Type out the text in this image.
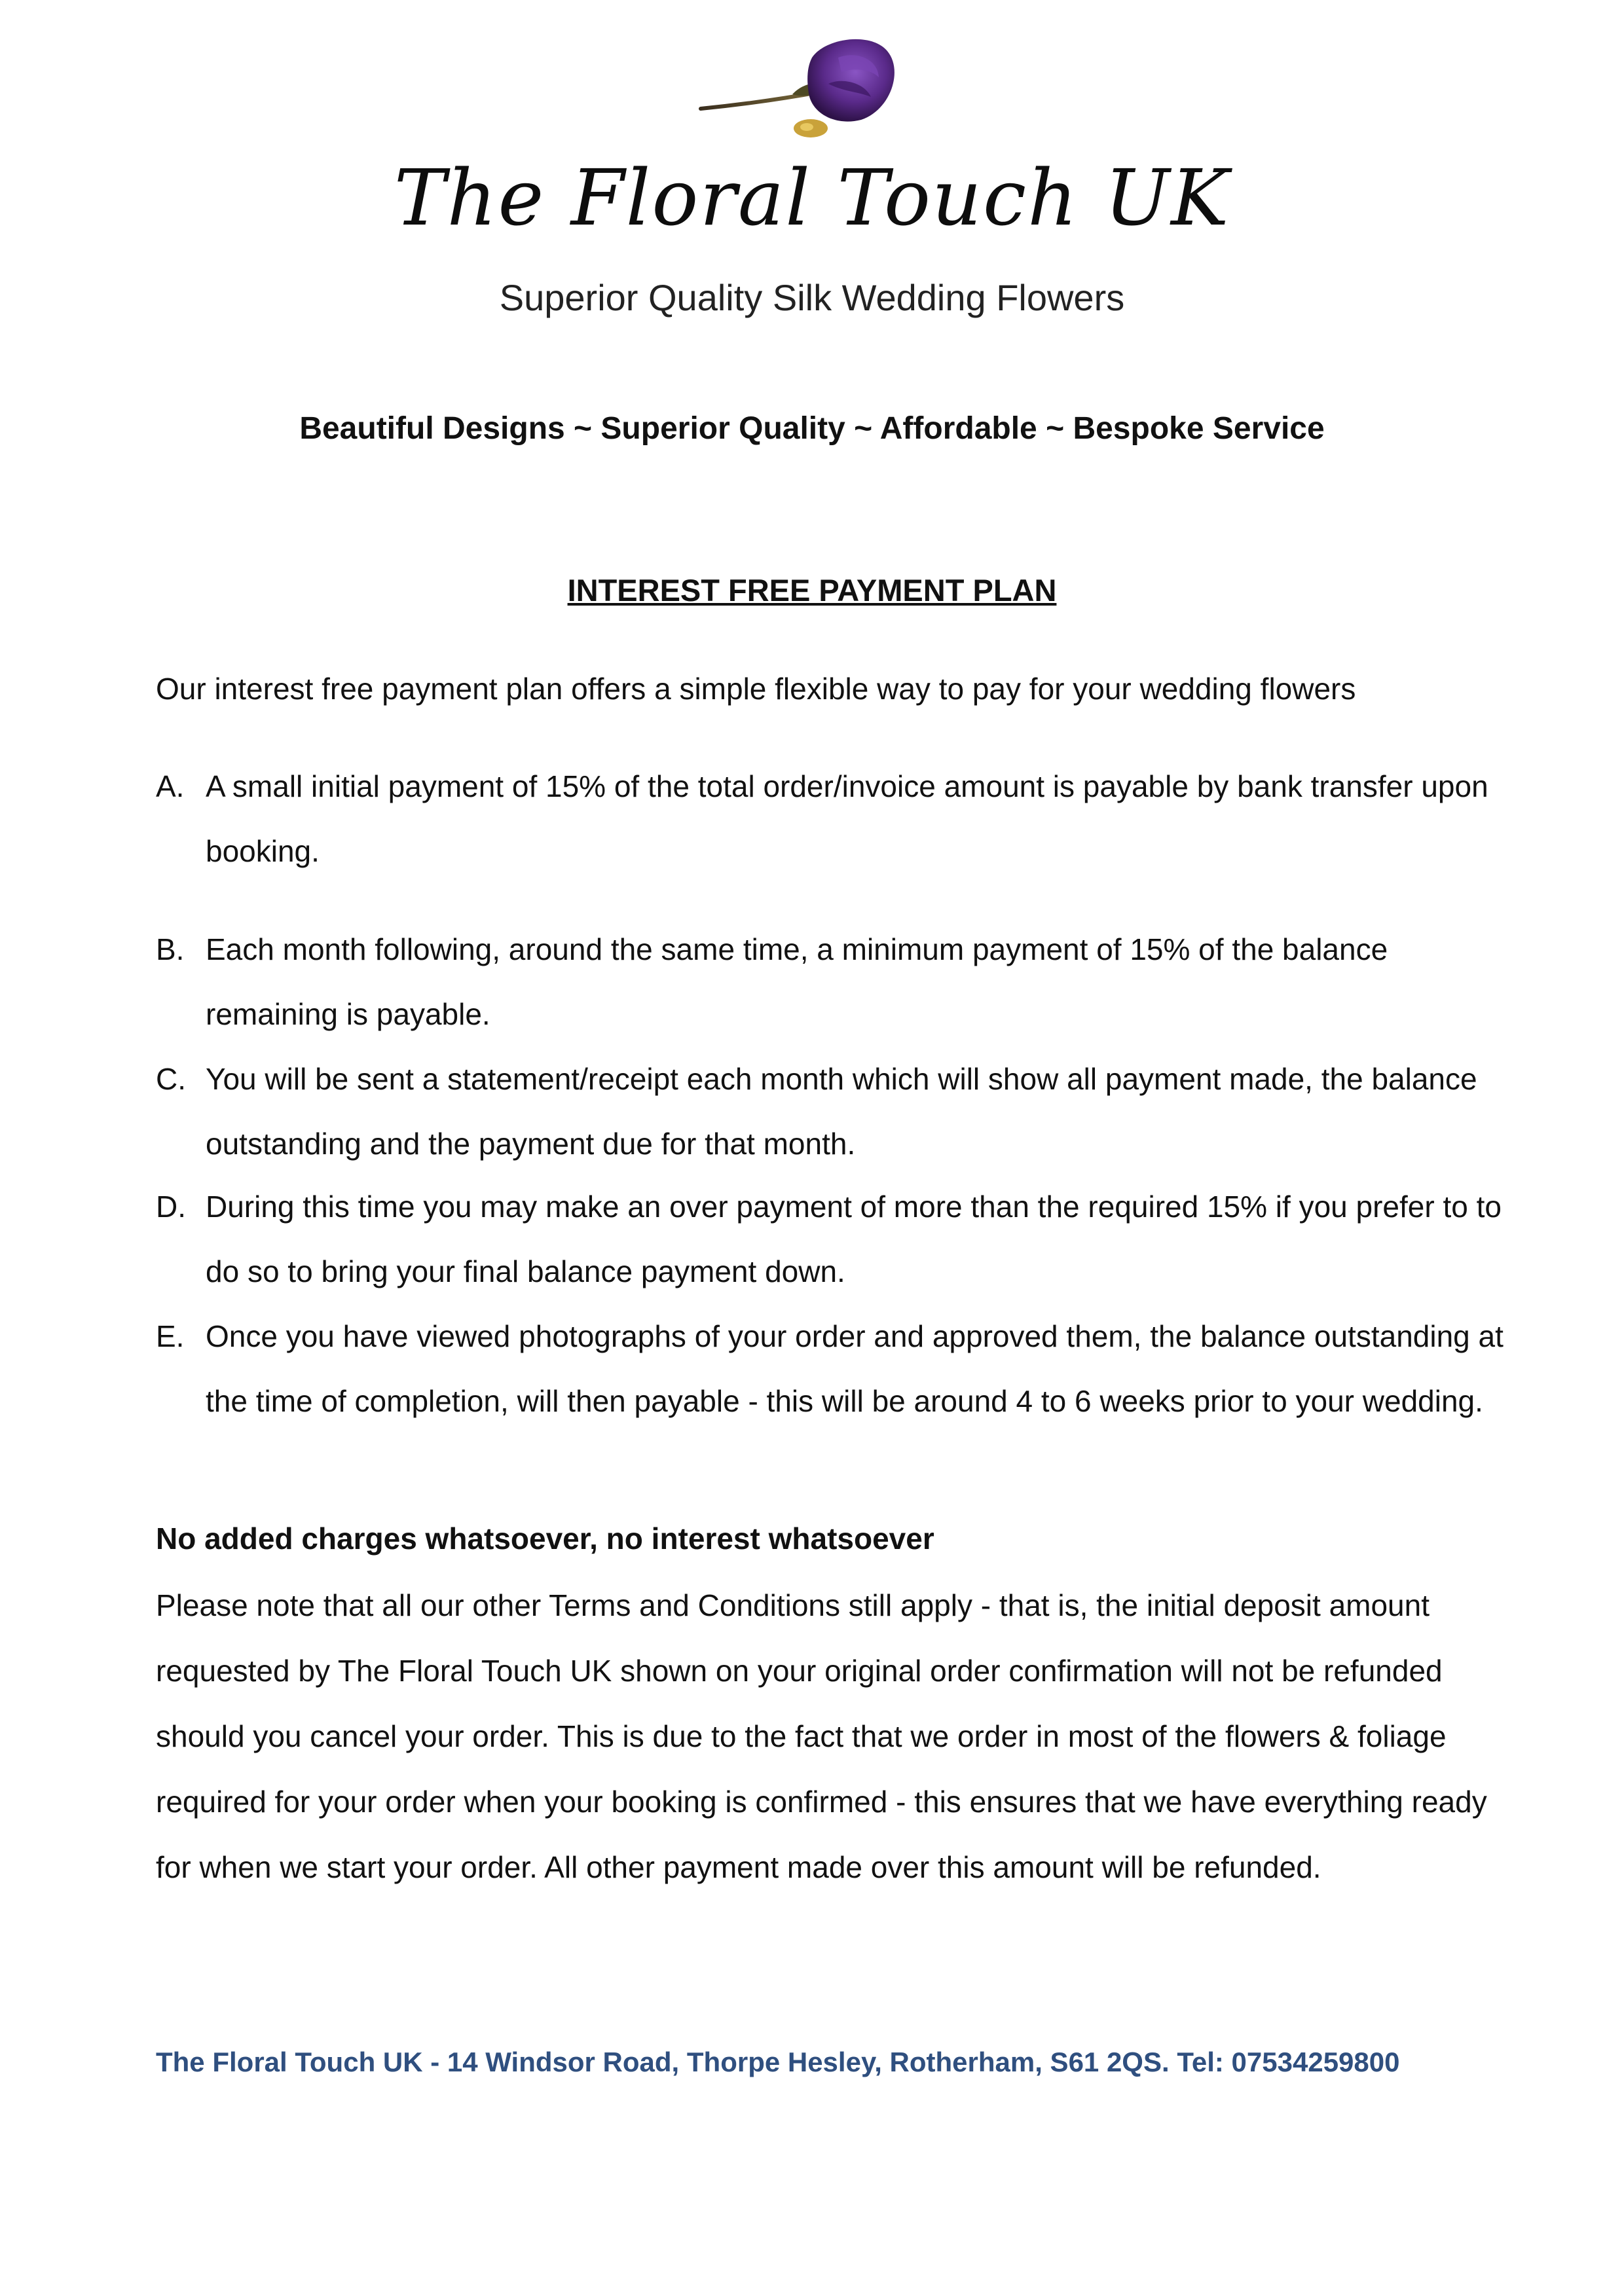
The Floral Touch UK
Superior Quality Silk Wedding Flowers
Beautiful Designs ~ Superior Quality ~ Affordable ~ Bespoke Service
INTEREST FREE PAYMENT PLAN
Our interest free payment plan offers a simple flexible way to pay for your wedding flowers
A. A small initial payment of 15% of the total order/invoice amount is payable by bank transfer upon booking.
B. Each month following, around the same time, a minimum payment of 15% of the balance remaining is payable.
C. You will be sent a statement/receipt each month which will show all payment made, the balance outstanding and the payment due for that month.
D. During this time you may make an over payment of more than the required 15% if you prefer to to do so to bring your final balance payment down.
E. Once you have viewed photographs of your order and approved them, the balance outstanding at the time of completion, will then payable - this will be around 4 to 6 weeks prior to your wedding.
No added charges whatsoever, no interest whatsoever
Please note that all our other Terms and Conditions still apply - that is, the initial deposit amount requested by The Floral Touch UK shown on your original order confirmation will not be refunded should you cancel your order. This is due to the fact that we order in most of the flowers & foliage required for your order when your booking is confirmed - this ensures that we have everything ready for when we start your order. All other payment made over this amount will be refunded.
The Floral Touch UK - 14 Windsor Road, Thorpe Hesley, Rotherham, S61 2QS. Tel: 07534259800
